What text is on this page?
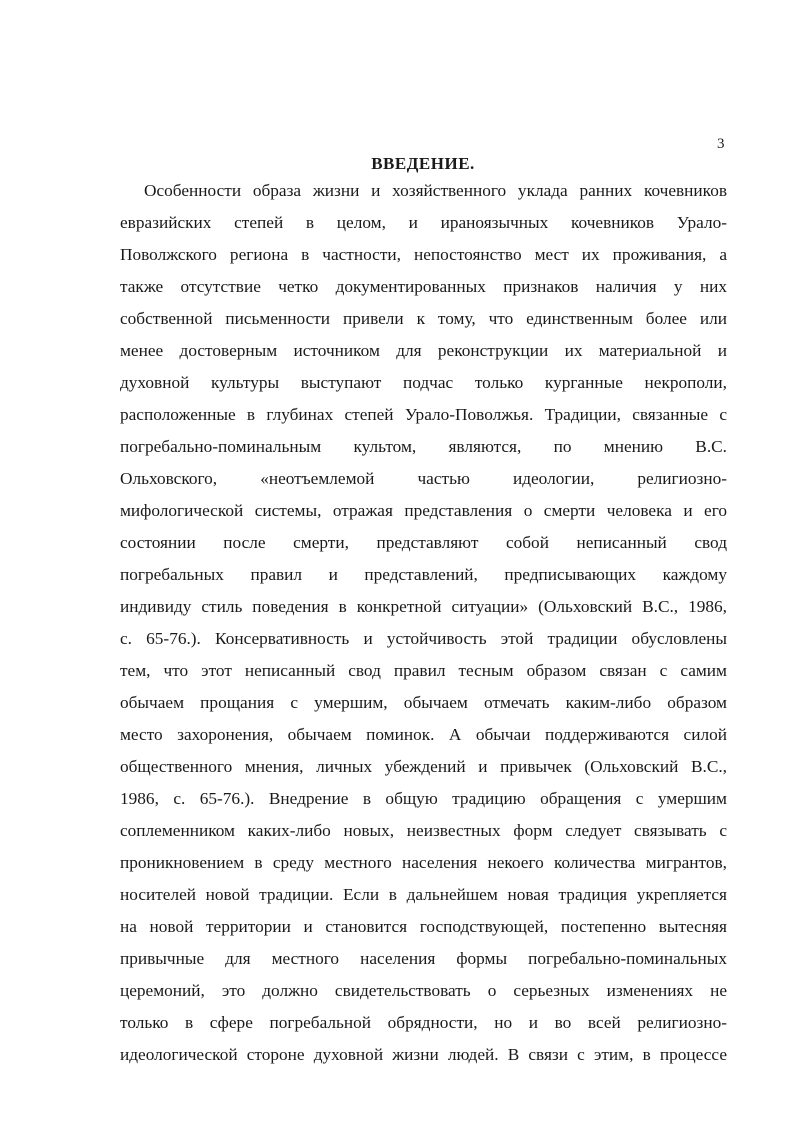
3
ВВЕДЕНИЕ.
Особенности образа жизни и хозяйственного уклада ранних кочевников
евразийских степей в целом, и ираноязычных кочевников Урало-
Поволжского региона в частности, непостоянство мест их проживания, а
также отсутствие четко документированных признаков наличия у них
собственной письменности привели к тому, что единственным более или
менее достоверным источником для реконструкции их материальной и
духовной культуры выступают подчас только курганные некрополи,
расположенные в глубинах степей Урало-Поволжья. Традиции, связанные с
погребально-поминальным культом, являются, по мнению В.С.
Ольховского, «неотъемлемой частью идеологии, религиозно-
мифологической системы, отражая представления о смерти человека и его
состоянии после смерти, представляют собой неписанный свод
погребальных правил и представлений, предписывающих каждому
индивиду стиль поведения в конкретной ситуации» (Ольховский В.С., 1986,
с. 65-76.). Консервативность и устойчивость этой традиции обусловлены
тем, что этот неписанный свод правил тесным образом связан с самим
обычаем прощания с умершим, обычаем отмечать каким-либо образом
место захоронения, обычаем поминок. А обычаи поддерживаются силой
общественного мнения, личных убеждений и привычек (Ольховский В.С.,
1986, с. 65-76.). Внедрение в общую традицию обращения с умершим
соплеменником каких-либо новых, неизвестных форм следует связывать с
проникновением в среду местного населения некоего количества мигрантов,
носителей новой традиции. Если в дальнейшем новая традиция укрепляется
на новой территории и становится господствующей, постепенно вытесняя
привычные для местного населения формы погребально-поминальных
церемоний, это должно свидетельствовать о серьезных изменениях не
только в сфере погребальной обрядности, но и во всей религиозно-
идеологической стороне духовной жизни людей. В связи с этим, в процессе
